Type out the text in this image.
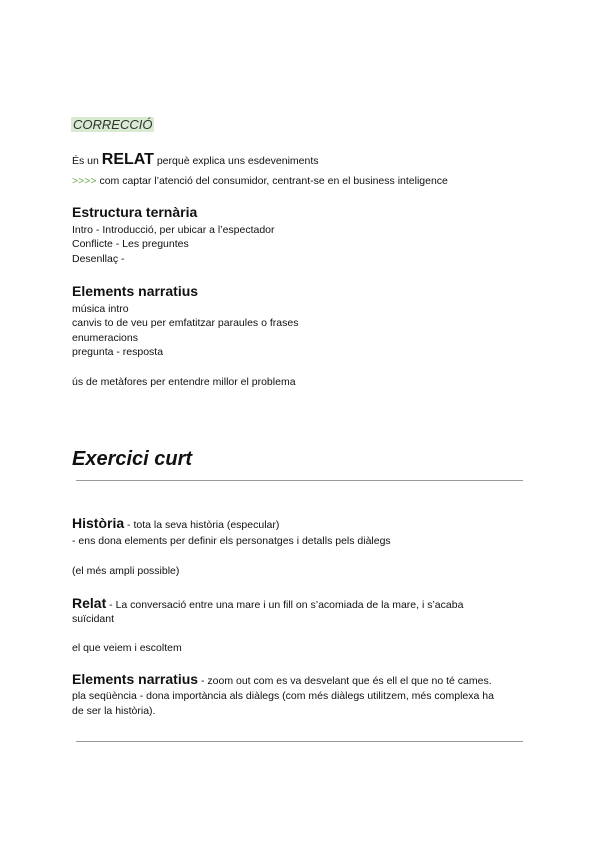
CORRECCIÓ
És un RELAT perquè explica uns esdeveniments
>>>> com captar l’atenció del consumidor, centrant-se en el business inteligence
Estructura ternària
Intro - Introducció, per ubicar a l’espectador
Conflicte - Les preguntes
Desenllaç -
Elements narratius
música intro
canvis to de veu per emfatitzar paraules o frases
enumeracions
pregunta - resposta
ús de metàfores per entendre millor el problema
Exercici curt
Història - tota la seva història (especular)
- ens dona elements per definir els personatges i detalls pels diàlegs
(el més ampli possible)
Relat - La conversació entre una mare i un fill on s’acomiada de la mare, i s’acaba
suïcidant
el que veiem i escoltem
Elements narratius - zoom out com es va desvelant que és ell el que no té cames.
pla seqüència - dona importància als diàlegs (com més diàlegs utilitzem, més complexa ha
de ser la història).
